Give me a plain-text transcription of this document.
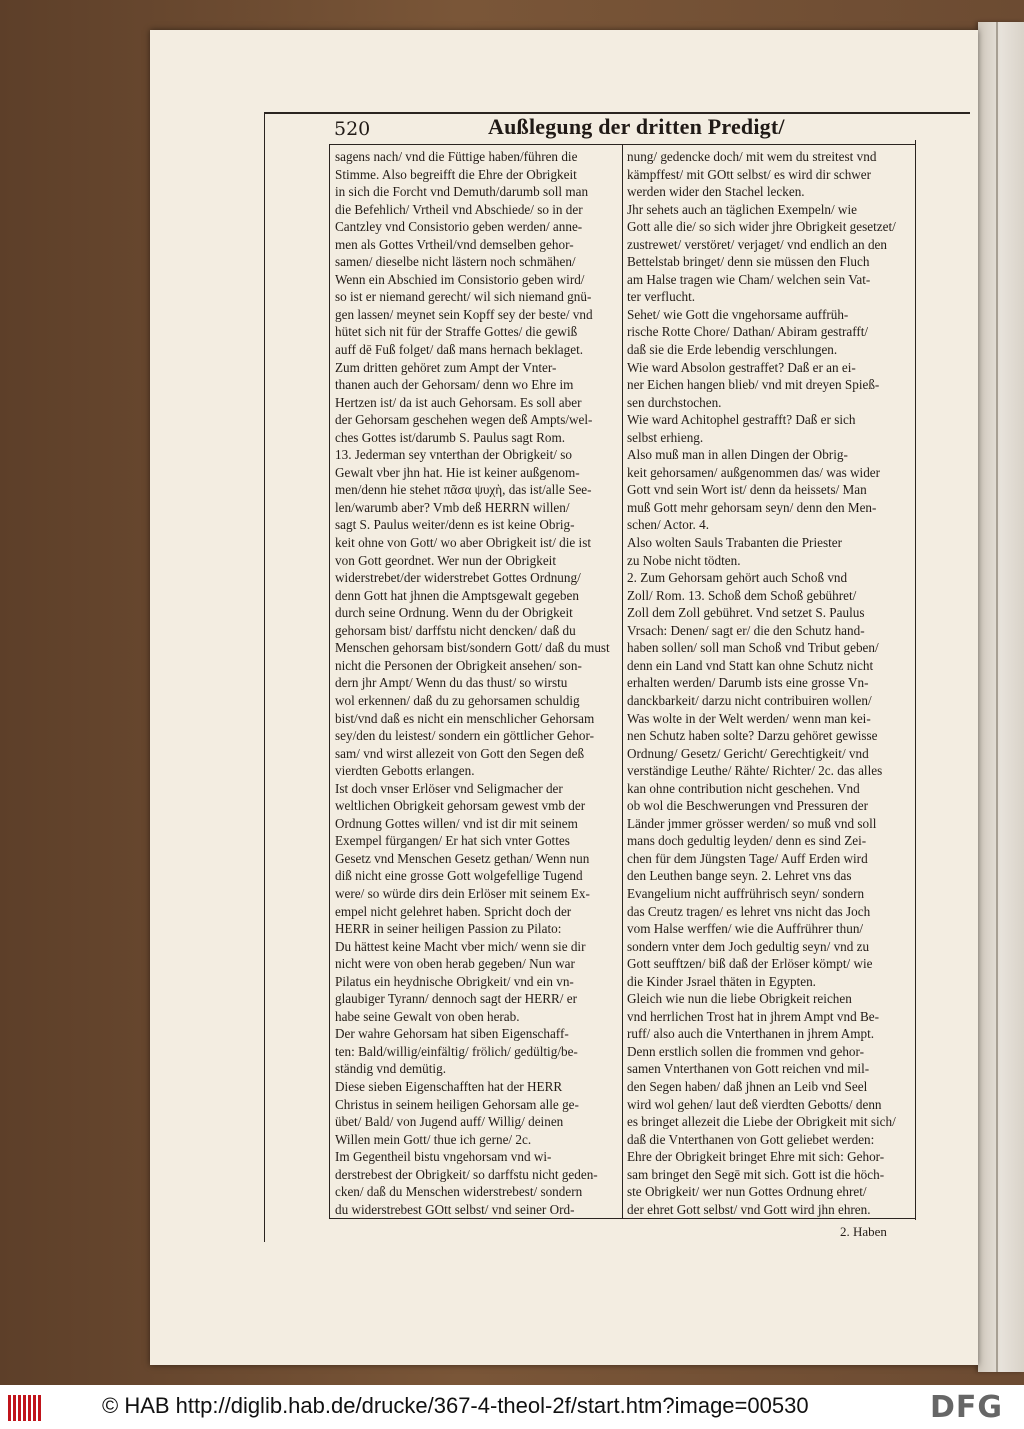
520	Außlegung der dritten Predigt/
sagens nach/ vnd die Füttige haben/führen die
Stimme. Also begreifft die Ehre der Obrigkeit
in sich die Forcht vnd Demuth/darumb soll man
die Befehlich/ Vrtheil vnd Abschiede/ so in der
Cantzley vnd Consistorio geben werden/ anne-
men als Gottes Vrtheil/vnd demselben gehor-
samen/ dieselbe nicht lästern noch schmähen/
Wenn ein Abschied im Consistorio geben wird/
so ist er niemand gerecht/ wil sich niemand gnü-
gen lassen/ meynet sein Kopff sey der beste/ vnd
hütet sich nit für der Straffe Gottes/ die gewiß
auff dē Fuß folget/ daß mans hernach beklaget.
Zum dritten gehöret zum Ampt der Vnter-
thanen auch der Gehorsam/ denn wo Ehre im
Hertzen ist/ da ist auch Gehorsam. Es soll aber
der Gehorsam geschehen wegen deß Ampts/wel-
ches Gottes ist/darumb S. Paulus sagt Rom.
13. Jederman sey vnterthan der Obrigkeit/ so
Gewalt vber jhn hat. Hie ist keiner außgenom-
men/denn hie stehet πᾶσα ψυχὴ, das ist/alle See-
len/warumb aber? Vmb deß HERRN willen/
sagt S. Paulus weiter/denn es ist keine Obrig-
keit ohne von Gott/ wo aber Obrigkeit ist/ die ist
von Gott geordnet. Wer nun der Obrigkeit
widerstrebet/der widerstrebet Gottes Ordnung/
denn Gott hat jhnen die Amptsgewalt gegeben
durch seine Ordnung. Wenn du der Obrigkeit
gehorsam bist/ darffstu nicht dencken/ daß du
Menschen gehorsam bist/sondern Gott/ daß du must
nicht die Personen der Obrigkeit ansehen/ son-
dern jhr Ampt/ Wenn du das thust/ so wirstu
wol erkennen/ daß du zu gehorsamen schuldig
bist/vnd daß es nicht ein menschlicher Gehorsam
sey/den du leistest/ sondern ein göttlicher Gehor-
sam/ vnd wirst allezeit von Gott den Segen deß
vierdten Gebotts erlangen.
Ist doch vnser Erlöser vnd Seligmacher der
weltlichen Obrigkeit gehorsam gewest vmb der
Ordnung Gottes willen/ vnd ist dir mit seinem
Exempel fürgangen/ Er hat sich vnter Gottes
Gesetz vnd Menschen Gesetz gethan/ Wenn nun
diß nicht eine grosse Gott wolgefellige Tugend
were/ so würde dirs dein Erlöser mit seinem Ex-
empel nicht gelehret haben. Spricht doch der
HERR in seiner heiligen Passion zu Pilato:
Du hättest keine Macht vber mich/ wenn sie dir
nicht were von oben herab gegeben/ Nun war
Pilatus ein heydnische Obrigkeit/ vnd ein vn-
glaubiger Tyrann/ dennoch sagt der HERR/ er
habe seine Gewalt von oben herab.
Der wahre Gehorsam hat siben Eigenschaff-
ten: Bald/willig/einfältig/ frölich/ gedültig/be-
ständig vnd demütig.
Diese sieben Eigenschafften hat der HERR
Christus in seinem heiligen Gehorsam alle ge-
übet/ Bald/ von Jugend auff/ Willig/ deinen
Willen mein Gott/ thue ich gerne/ 2c.
Im Gegentheil bistu vngehorsam vnd wi-
derstrebest der Obrigkeit/ so darffstu nicht geden-
cken/ daß du Menschen widerstrebest/ sondern
du widerstrebest GOtt selbst/ vnd seiner Ord-
nung/ gedencke doch/ mit wem du streitest vnd
kämpffest/ mit GOtt selbst/ es wird dir schwer
werden wider den Stachel lecken.
Jhr sehets auch an täglichen Exempeln/ wie
Gott alle die/ so sich wider jhre Obrigkeit gesetzet/
zustrewet/ verstöret/ verjaget/ vnd endlich an den
Bettelstab bringet/ denn sie müssen den Fluch
am Halse tragen wie Cham/ welchen sein Vat-
ter verflucht.
Sehet/ wie Gott die vngehorsame auffrüh-
rische Rotte Chore/ Dathan/ Abiram gestrafft/
daß sie die Erde lebendig verschlungen.
Wie ward Absolon gestraffet? Daß er an ei-
ner Eichen hangen blieb/ vnd mit dreyen Spieß-
sen durchstochen.
Wie ward Achitophel gestrafft? Daß er sich
selbst erhieng.
Also muß man in allen Dingen der Obrig-
keit gehorsamen/ außgenommen das/ was wider
Gott vnd sein Wort ist/ denn da heissets/ Man
muß Gott mehr gehorsam seyn/ denn den Men-
schen/ Actor. 4.
Also wolten Sauls Trabanten die Priester
zu Nobe nicht tödten.
2. Zum Gehorsam gehört auch Schoß vnd
Zoll/ Rom. 13. Schoß dem Schoß gebühret/
Zoll dem Zoll gebühret. Vnd setzet S. Paulus
Vrsach: Denen/ sagt er/ die den Schutz hand-
haben sollen/ soll man Schoß vnd Tribut geben/
denn ein Land vnd Statt kan ohne Schutz nicht
erhalten werden/ Darumb ists eine grosse Vn-
danckbarkeit/ darzu nicht contribuiren wollen/
Was wolte in der Welt werden/ wenn man kei-
nen Schutz haben solte? Darzu gehöret gewisse
Ordnung/ Gesetz/ Gericht/ Gerechtigkeit/ vnd
verständige Leuthe/ Rähte/ Richter/ 2c. das alles
kan ohne contribution nicht geschehen. Vnd
ob wol die Beschwerungen vnd Pressuren der
Länder jmmer grösser werden/ so muß vnd soll
mans doch gedultig leyden/ denn es sind Zei-
chen für dem Jüngsten Tage/ Auff Erden wird
den Leuthen bange seyn. 2. Lehret vns das
Evangelium nicht auffrührisch seyn/ sondern
das Creutz tragen/ es lehret vns nicht das Joch
vom Halse werffen/ wie die Auffrührer thun/
sondern vnter dem Joch gedultig seyn/ vnd zu
Gott seufftzen/ biß daß der Erlöser kömpt/ wie
die Kinder Jsrael thäten in Egypten.
Gleich wie nun die liebe Obrigkeit reichen
vnd herrlichen Trost hat in jhrem Ampt vnd Be-
ruff/ also auch die Vnterthanen in jhrem Ampt.
Denn erstlich sollen die frommen vnd gehor-
samen Vnterthanen von Gott reichen vnd mil-
den Segen haben/ daß jhnen an Leib vnd Seel
wird wol gehen/ laut deß vierdten Gebotts/ denn
es bringet allezeit die Liebe der Obrigkeit mit sich/
daß die Vnterthanen von Gott geliebet werden:
Ehre der Obrigkeit bringet Ehre mit sich: Gehor-
sam bringet den Segē mit sich. Gott ist die höch-
ste Obrigkeit/ wer nun Gottes Ordnung ehret/
der ehret Gott selbst/ vnd Gott wird jhn ehren.
2. Haben
© HAB http://diglib.hab.de/drucke/367-4-theol-2f/start.htm?image=00530	DFG
